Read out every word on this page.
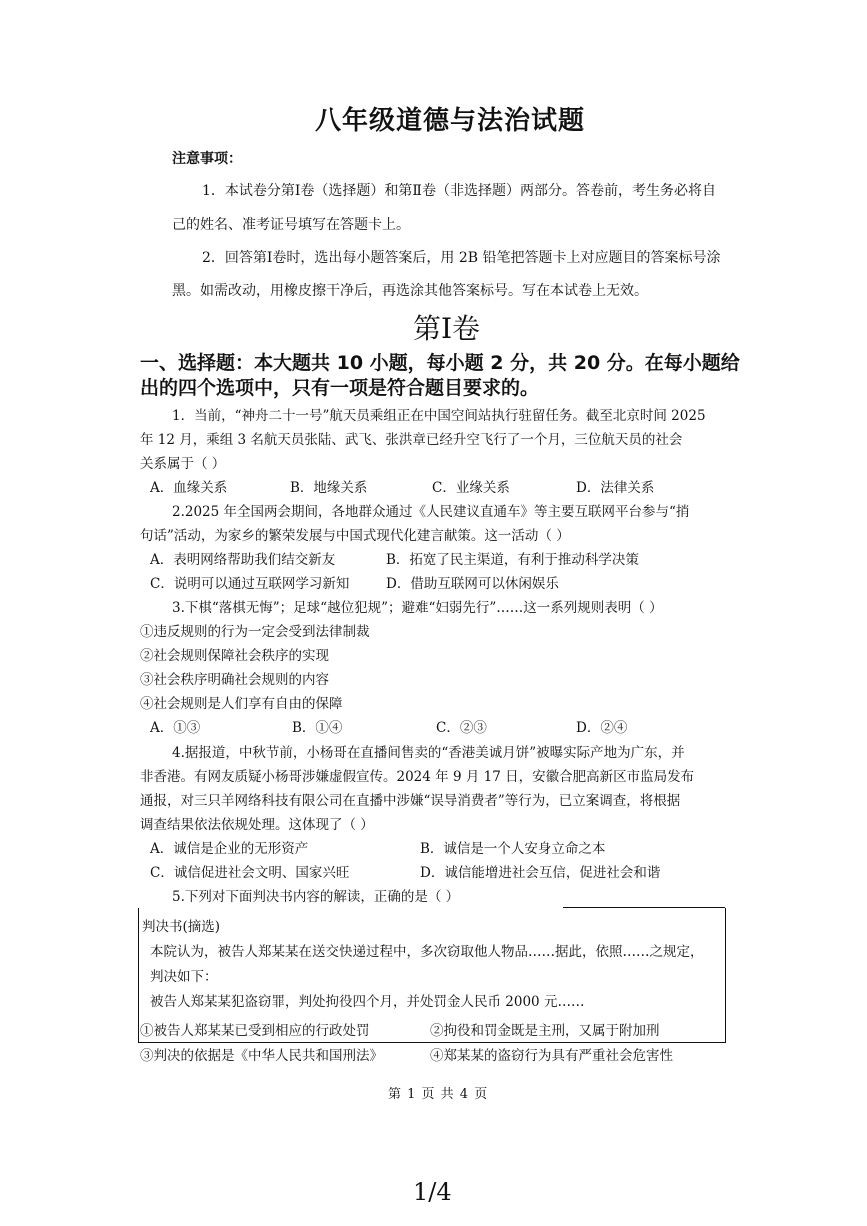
八年级道德与法治试题
注意事项：
1．本试卷分第Ⅰ卷（选择题）和第Ⅱ卷（非选择题）两部分。答卷前，考生务必将自
己的姓名、准考证号填写在答题卡上。
2．回答第Ⅰ卷时，选出每小题答案后，用 2B 铅笔把答题卡上对应题目的答案标号涂
黑。如需改动，用橡皮擦干净后，再选涂其他答案标号。写在本试卷上无效。
第Ⅰ卷
一、选择题：本大题共 10 小题，每小题 2 分，共 20 分。在每小题给
出的四个选项中，只有一项是符合题目要求的。
1．当前，“神舟二十一号”航天员乘组正在中国空间站执行驻留任务。截至北京时间 2025
年 12 月，乘组 3 名航天员张陆、武飞、张洪章已经升空飞行了一个月，三位航天员的社会
关系属于（ ）
A．血缘关系	B．地缘关系	C．业缘关系	D．法律关系
2.2025 年全国两会期间，各地群众通过《人民建议直通车》等主要互联网平台参与“捎
句话”活动，为家乡的繁荣发展与中国式现代化建言献策。这一活动（ ）
A．表明网络帮助我们结交新友	B．拓宽了民主渠道，有利于推动科学决策
C．说明可以通过互联网学习新知	D．借助互联网可以休闲娱乐
3.下棋“落棋无悔”；足球“越位犯规”；避难“妇弱先行”……这一系列规则表明（ ）
①违反规则的行为一定会受到法律制裁
②社会规则保障社会秩序的实现
③社会秩序明确社会规则的内容
④社会规则是人们享有自由的保障
A．①③	B．①④	C．②③	D．②④
4.据报道，中秋节前，小杨哥在直播间售卖的“香港美诚月饼”被曝实际产地为广东，并
非香港。有网友质疑小杨哥涉嫌虚假宣传。2024 年 9 月 17 日，安徽合肥高新区市监局发布
通报，对三只羊网络科技有限公司在直播中涉嫌“误导消费者”等行为，已立案调查，将根据
调查结果依法依规处理。这体现了（ ）
A．诚信是企业的无形资产	B．诚信是一个人安身立命之本
C．诚信促进社会文明、国家兴旺	D．诚信能增进社会互信，促进社会和谐
5.下列对下面判决书内容的解读，正确的是（ ）
判决书(摘选)
本院认为，被告人郑某某在送交快递过程中，多次窃取他人物品……据此，依照……之规定，
判决如下：
被告人郑某某犯盗窃罪，判处拘役四个月，并处罚金人民币 2000 元……
①被告人郑某某已受到相应的行政处罚	②拘役和罚金既是主刑，又属于附加刑
③判决的依据是《中华人民共和国刑法》	④郑某某的盗窃行为具有严重社会危害性
第 1 页 共 4 页
1/4
